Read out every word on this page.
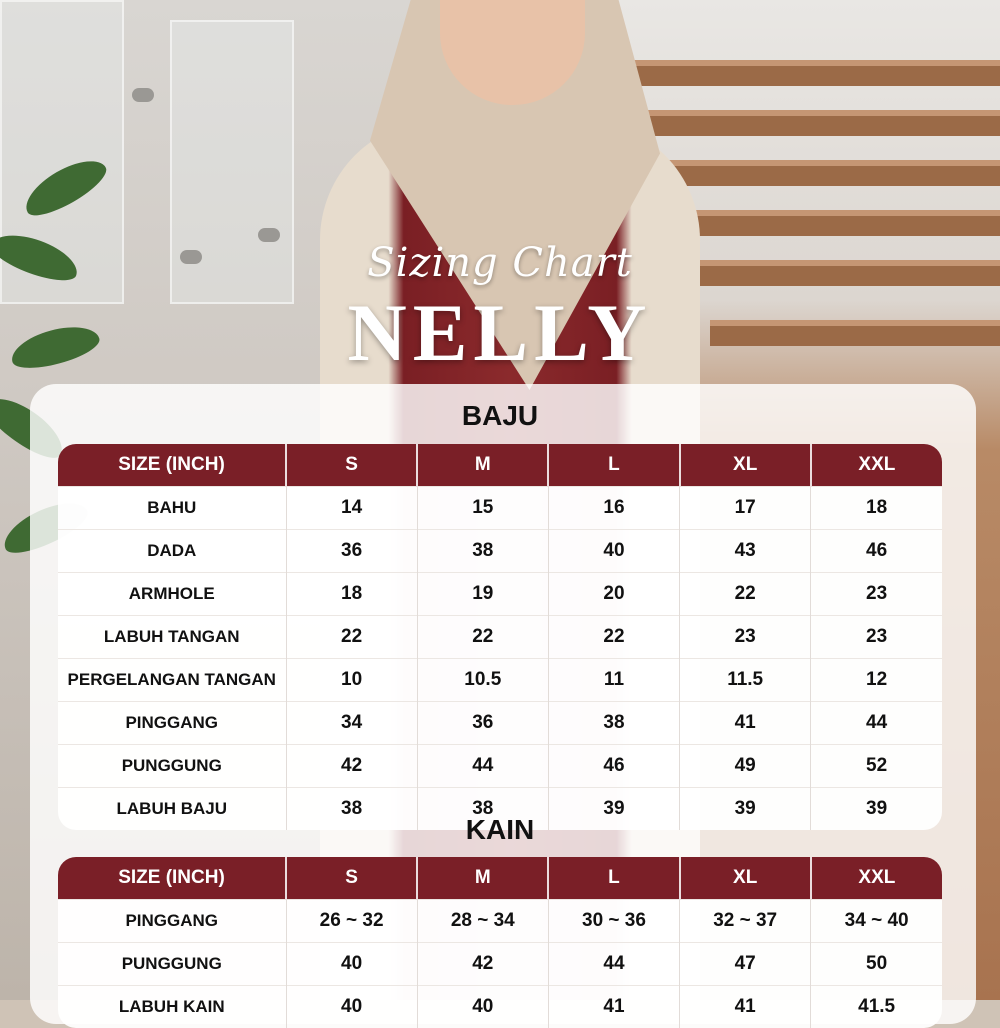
Sizing Chart
NELLY
BAJU
SIZE (INCH)	S	M	L	XL	XXL
BAHU	14	15	16	17	18
DADA	36	38	40	43	46
ARMHOLE	18	19	20	22	23
LABUH TANGAN	22	22	22	23	23
PERGELANGAN TANGAN	10	10.5	11	11.5	12
PINGGANG	34	36	38	41	44
PUNGGUNG	42	44	46	49	52
LABUH BAJU	38	38	39	39	39
KAIN
SIZE (INCH)	S	M	L	XL	XXL
PINGGANG	26 ~ 32	28 ~ 34	30 ~ 36	32 ~ 37	34 ~ 40
PUNGGUNG	40	42	44	47	50
LABUH KAIN	40	40	41	41	41.5
